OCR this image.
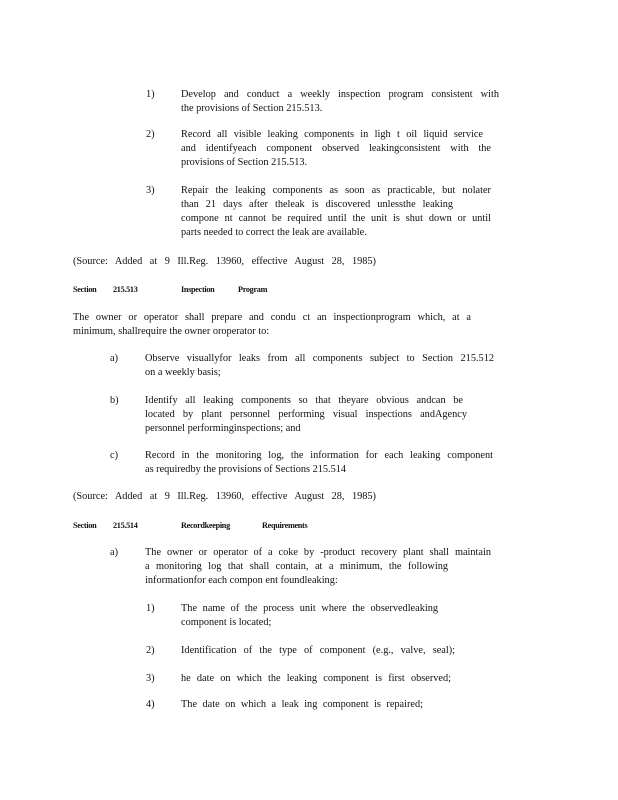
1)	Develop and conduct a weekly inspection program consistent with
the provisions of Section 215.513.
2)	Record all visible leaking components in ligh t oil liquid service
and identifyeach component observed leakingconsistent with the
provisions of Section 215.513.
3)	Repair the leaking components as soon as practicable, but nolater
than 21 days after theleak is discovered unlessthe leaking
compone nt cannot be required until the unit is shut down or until
parts needed to correct the leak are available.
(Source: Added at 9 Ill.Reg. 13960, effective August 28, 1985)
Section 215.513	Inspection	Program
The owner or operator shall prepare and condu ct an inspectionprogram which, at a
minimum, shallrequire the owner oroperator to:
a)	Observe visuallyfor leaks from all components subject to Section 215.512
on a weekly basis;
b)	Identify all leaking components so that theyare obvious andcan be
located by plant personnel performing visual inspections andAgency
personnel performinginspections; and
c)	Record in the monitoring log, the information for each leaking component
as requiredby the provisions of Sections 215.514
(Source: Added at 9 Ill.Reg. 13960, effective August 28, 1985)
Section 215.514	Recordkeeping	Requirements
a)	The owner or operator of a coke by -product recovery plant shall maintain
a monitoring log that shall contain, at a minimum, the following
informationfor each compon ent foundleaking:
1)	The name of the process unit where the observedleaking
component is located;
2)	Identification of the type of component (e.g., valve, seal);
3)	he date on which the leaking component is first observed;
4)	The date on which a leak ing component is repaired;
